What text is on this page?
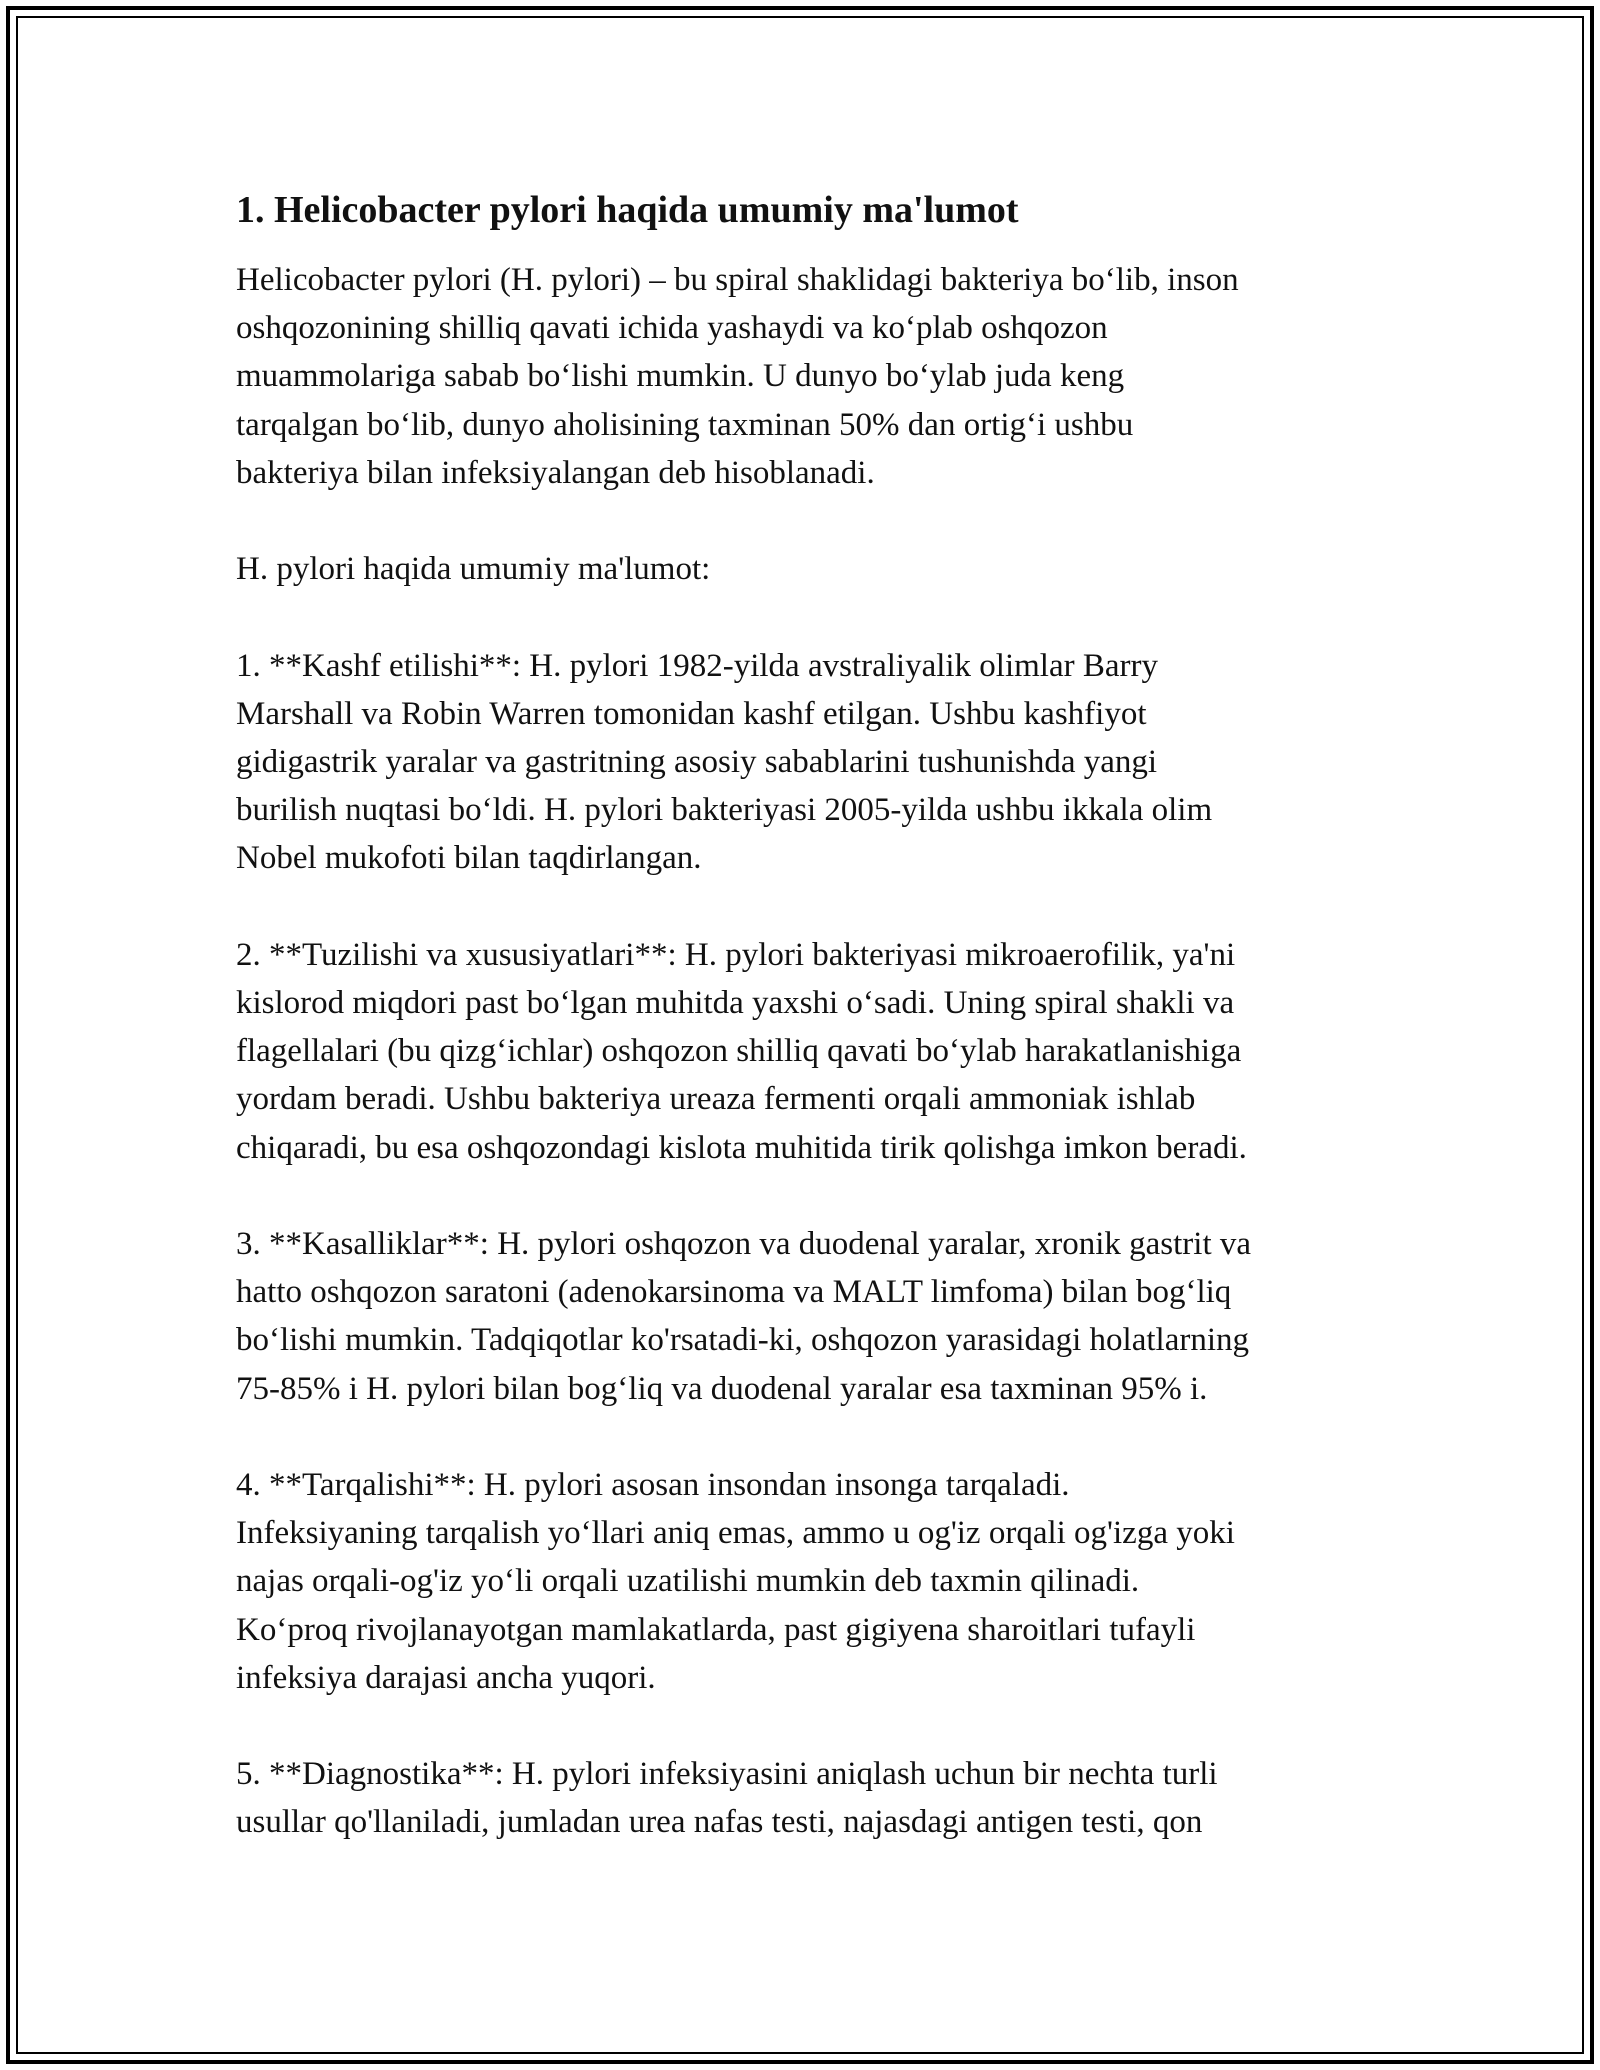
1. Helicobacter pylori haqida umumiy ma'lumot

Helicobacter pylori (H. pylori) – bu spiral shaklidagi bakteriya bo‘lib, inson
oshqozonining shilliq qavati ichida yashaydi va ko‘plab oshqozon
muammolariga sabab bo‘lishi mumkin. U dunyo bo‘ylab juda keng
tarqalgan bo‘lib, dunyo aholisining taxminan 50% dan ortig‘i ushbu
bakteriya bilan infeksiyalangan deb hisoblanadi.

H. pylori haqida umumiy ma'lumot:

1. **Kashf etilishi**: H. pylori 1982-yilda avstraliyalik olimlar Barry
Marshall va Robin Warren tomonidan kashf etilgan. Ushbu kashfiyot
gidigastrik yaralar va gastritning asosiy sabablarini tushunishda yangi
burilish nuqtasi bo‘ldi. H. pylori bakteriyasi 2005-yilda ushbu ikkala olim
Nobel mukofoti bilan taqdirlangan.

2. **Tuzilishi va xususiyatlari**: H. pylori bakteriyasi mikroaerofilik, ya'ni
kislorod miqdori past bo‘lgan muhitda yaxshi o‘sadi. Uning spiral shakli va
flagellalari (bu qizg‘ichlar) oshqozon shilliq qavati bo‘ylab harakatlanishiga
yordam beradi. Ushbu bakteriya ureaza fermenti orqali ammoniak ishlab
chiqaradi, bu esa oshqozondagi kislota muhitida tirik qolishga imkon beradi.

3. **Kasalliklar**: H. pylori oshqozon va duodenal yaralar, xronik gastrit va
hatto oshqozon saratoni (adenokarsinoma va MALT limfoma) bilan bog‘liq
bo‘lishi mumkin. Tadqiqotlar ko'rsatadi-ki, oshqozon yarasidagi holatlarning
75-85% i H. pylori bilan bog‘liq va duodenal yaralar esa taxminan 95% i.

4. **Tarqalishi**: H. pylori asosan insondan insonga tarqaladi.
Infeksiyaning tarqalish yo‘llari aniq emas, ammo u og'iz orqali og'izga yoki
najas orqali-og'iz yo‘li orqali uzatilishi mumkin deb taxmin qilinadi.
Ko‘proq rivojlanayotgan mamlakatlarda, past gigiyena sharoitlari tufayli
infeksiya darajasi ancha yuqori.

5. **Diagnostika**: H. pylori infeksiyasini aniqlash uchun bir nechta turli
usullar qo'llaniladi, jumladan urea nafas testi, najasdagi antigen testi, qon
